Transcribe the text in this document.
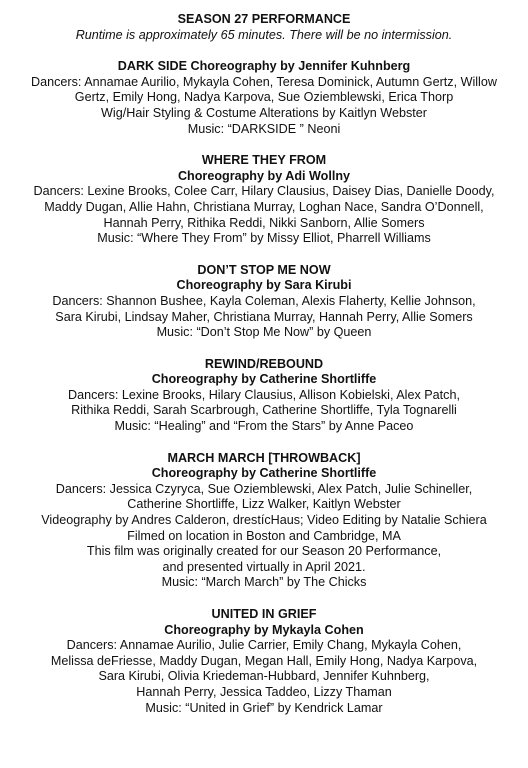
SEASON 27 PERFORMANCE
Runtime is approximately 65 minutes. There will be no intermission.
DARK SIDE Choreography by Jennifer Kuhnberg
Dancers: Annamae Aurilio, Mykayla Cohen, Teresa Dominick, Autumn Gertz, Willow
Gertz, Emily Hong, Nadya Karpova, Sue Oziemblewski, Erica Thorp
Wig/Hair Styling & Costume Alterations by Kaitlyn Webster
Music: “DARKSIDE ” Neoni
WHERE THEY FROM
Choreography by Adi Wollny
Dancers: Lexine Brooks, Colee Carr, Hilary Clausius, Daisey Dias, Danielle Doody,
Maddy Dugan, Allie Hahn, Christiana Murray, Loghan Nace, Sandra O’Donnell,
Hannah Perry, Rithika Reddi, Nikki Sanborn, Allie Somers
Music: “Where They From” by Missy Elliot, Pharrell Williams
DON’T STOP ME NOW
Choreography by Sara Kirubi
Dancers: Shannon Bushee, Kayla Coleman, Alexis Flaherty, Kellie Johnson,
Sara Kirubi, Lindsay Maher, Christiana Murray, Hannah Perry, Allie Somers
Music: “Don’t Stop Me Now” by Queen
REWIND/REBOUND
Choreography by Catherine Shortliffe
Dancers: Lexine Brooks, Hilary Clausius, Allison Kobielski, Alex Patch,
Rithika Reddi, Sarah Scarbrough, Catherine Shortliffe, Tyla Tognarelli
Music: “Healing” and “From the Stars” by Anne Paceo
MARCH MARCH [THROWBACK]
Choreography by Catherine Shortliffe
Dancers: Jessica Czyryca, Sue Oziemblewski, Alex Patch, Julie Schineller,
Catherine Shortliffe, Lizz Walker, Kaitlyn Webster
Videography by Andres Calderon, drestícHaus; Video Editing by Natalie Schiera
Filmed on location in Boston and Cambridge, MA
This film was originally created for our Season 20 Performance,
and presented virtually in April 2021.
Music: “March March” by The Chicks
UNITED IN GRIEF
Choreography by Mykayla Cohen
Dancers: Annamae Aurilio, Julie Carrier, Emily Chang, Mykayla Cohen,
Melissa deFriesse, Maddy Dugan, Megan Hall, Emily Hong, Nadya Karpova,
Sara Kirubi, Olivia Kriedeman-Hubbard, Jennifer Kuhnberg,
Hannah Perry, Jessica Taddeo, Lizzy Thaman
Music: “United in Grief” by Kendrick Lamar
